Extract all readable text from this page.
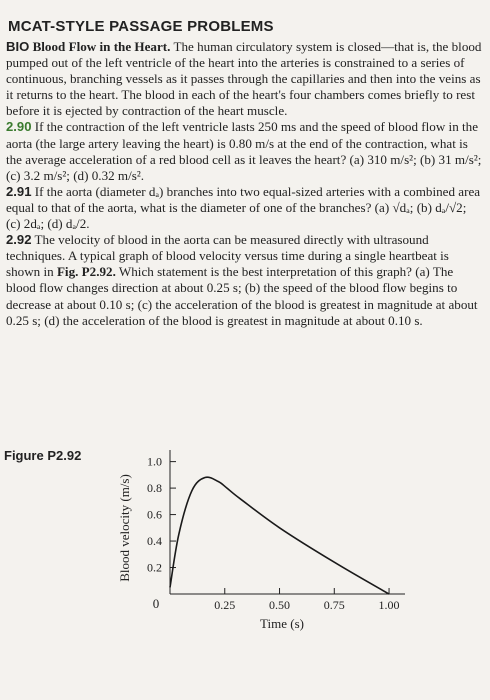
MCAT-STYLE PASSAGE PROBLEMS

BIO Blood Flow in the Heart. The human circulatory system is closed—that is, the blood pumped out of the left ventricle of the heart into the arteries is constrained to a series of continuous, branching vessels as it passes through the capillaries and then into the veins as it returns to the heart. The blood in each of the heart's four chambers comes briefly to rest before it is ejected by contraction of the heart muscle.

2.90 If the contraction of the left ventricle lasts 250 ms and the speed of blood flow in the aorta (the large artery leaving the heart) is 0.80 m/s at the end of the contraction, what is the average acceleration of a red blood cell as it leaves the heart? (a) 310 m/s²; (b) 31 m/s²; (c) 3.2 m/s²; (d) 0.32 m/s².

2.91 If the aorta (diameter dₐ) branches into two equal-sized arteries with a combined area equal to that of the aorta, what is the diameter of one of the branches? (a) √dₐ; (b) dₐ/√2; (c) 2dₐ; (d) dₐ/2.

2.92 The velocity of blood in the aorta can be measured directly with ultrasound techniques. A typical graph of blood velocity versus time during a single heartbeat is shown in Fig. P2.92. Which statement is the best interpretation of this graph? (a) The blood flow changes direction at about 0.25 s; (b) the speed of the blood flow begins to decrease at about 0.10 s; (c) the acceleration of the blood is greatest in magnitude at about 0.25 s; (d) the acceleration of the blood is greatest in magnitude at about 0.10 s.

Figure P2.92
Blood velocity (m/s)
Time (s)
0
0.2
0.4
0.6
0.8
1.0
0.25	0.50	0.75	1.00
